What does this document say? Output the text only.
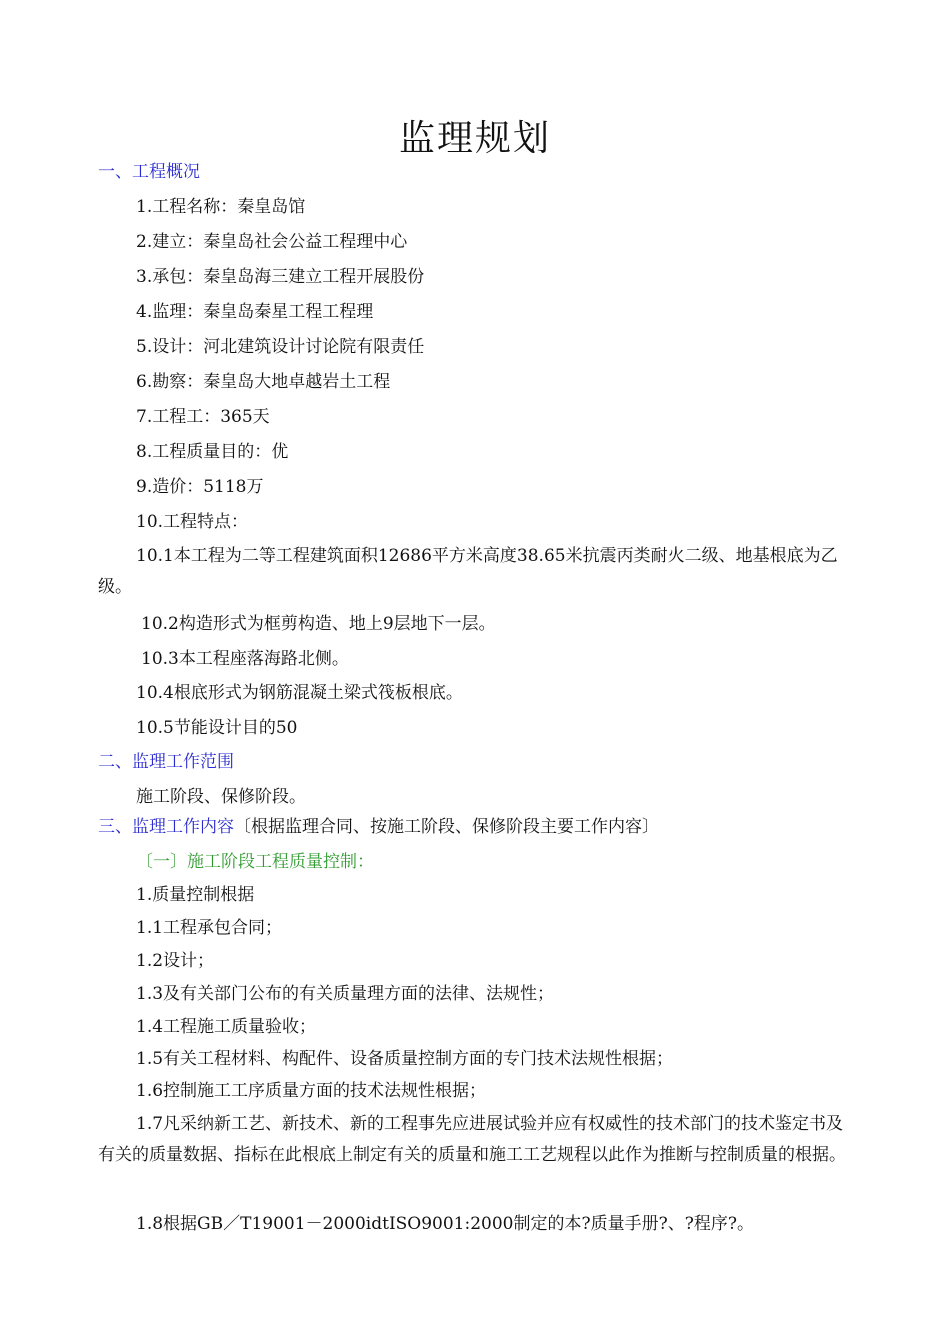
监理规划
一、工程概况
1.工程名称：秦皇岛馆
2.建立：秦皇岛社会公益工程理中心
3.承包：秦皇岛海三建立工程开展股份
4.监理：秦皇岛秦星工程工程理
5.设计：河北建筑设计讨论院有限责任
6.勘察：秦皇岛大地卓越岩土工程
7.工程工：365天
8.工程质量目的：优
9.造价：5118万
10.工程特点：
10.1本工程为二等工程建筑面积12686平方米高度38.65米抗震丙类耐火二级、地基根底为乙级。
10.2构造形式为框剪构造、地上9层地下一层。
10.3本工程座落海路北侧。
10.4根底形式为钢筋混凝土梁式筏板根底。
10.5节能设计目的50
二、监理工作范围
施工阶段、保修阶段。
三、监理工作内容〔根据监理合同、按施工阶段、保修阶段主要工作内容〕
〔一〕施工阶段工程质量控制：
1.质量控制根据
1.1工程承包合同；
1.2设计；
1.3及有关部门公布的有关质量理方面的法律、法规性；
1.4工程施工质量验收；
1.5有关工程材料、构配件、设备质量控制方面的专门技术法规性根据；
1.6控制施工工序质量方面的技术法规性根据；
1.7凡采纳新工艺、新技术、新的工程事先应进展试验并应有权威性的技术部门的技术鉴定书及有关的质量数据、指标在此根底上制定有关的质量和施工工艺规程以此作为推断与控制质量的根据。
1.8根据GB／T19001－2000idtISO9001:2000制定的本?质量手册?、?程序?。
